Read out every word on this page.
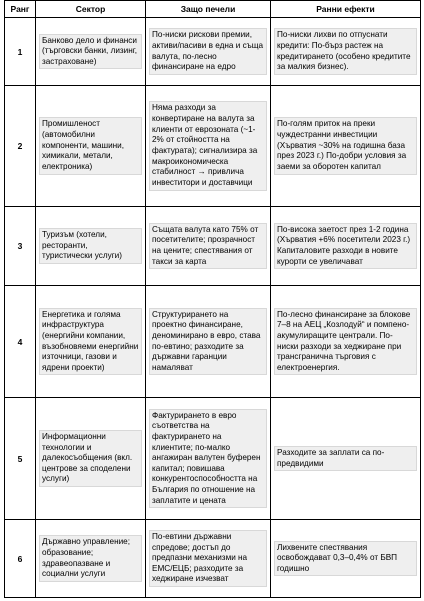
Ранг	Сектор	Защо печели	Ранни ефекти
1	Банково дело и финанси (търговски банки, лизинг, застраховане)	По-ниски рискови премии, активи/пасиви в една и съща валута, по-лесно финансиране на едро	По-ниски лихви по отпуснати кредити: По-бърз растеж на кредитирането (особено кредитите за малкия бизнес).
2	Промишленост (автомобилни компоненти, машини, химикали, метали, електроника)	Няма разходи за конвертиране на валута за клиенти от еврозоната (~1-2% от стойността на фактурата); сигнализира за макроикономическа стабилност → привлича инвеститори и доставчици	По-голям приток на преки чуждестранни инвестиции (Хърватия ~30% на годишна база през 2023 г.) По-добри условия за заеми за оборотен капитал
3	Туризъм (хотели, ресторанти, туристически услуги)	Същата валута като 75% от посетителите; прозрачност на цените; спестявания от такси за карта	По-висока заетост през 1-2 година (Хърватия +6% посетители 2023 г.) Капиталовите разходи в новите курорти се увеличават
4	Енергетика и голяма инфраструктура (енергийни компании, възобновяеми енергийни източници, газови и ядрени проекти)	Структурирането на проектно финансиране, деноминирано в евро, става по-евтино; разходите за държавни гаранции намаляват	По-лесно финансиране за блокове 7–8 на АЕЦ „Козлодуй“ и помпено-акумулиращите централи. По-ниски разходи за хеджиране при трансгранична търговия с електроенергия.
5	Информационни технологии и далекосъобщения (вкл. центрове за споделени услуги)	Фактурирането в евро съответства на фактурирането на клиентите; по-малко ангажиран валутен буферен капитал; повишава конкурентоспособността на България по отношение на заплатите и цената	Разходите за заплати са по-предвидими
6	Държавно управление; образование; здравеопазване и социални услуги	По-евтини държавни спредове; достъп до предпазни механизми на ЕМС/ЕЦБ; разходите за хеджиране изчезват	Лихвените спестявания освобождават 0,3–0,4% от БВП годишно
